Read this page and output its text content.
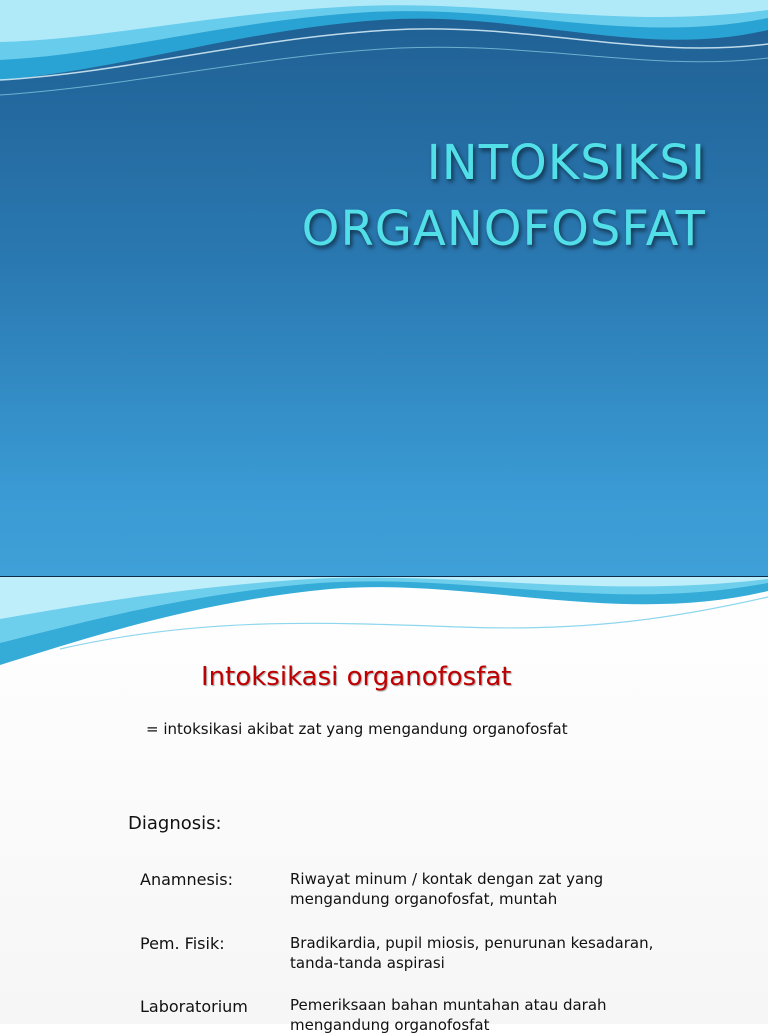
INTOKSIKSI
ORGANOFOSFAT
Intoksikasi organofosfat
= intoksikasi akibat zat yang mengandung organofosfat
Diagnosis:
Anamnesis:	Riwayat minum / kontak dengan zat yang mengandung organofosfat, muntah
Pem. Fisik:	Bradikardia, pupil miosis, penurunan kesadaran, tanda-tanda aspirasi
Laboratorium	Pemeriksaan bahan muntahan atau darah mengandung organofosfat
